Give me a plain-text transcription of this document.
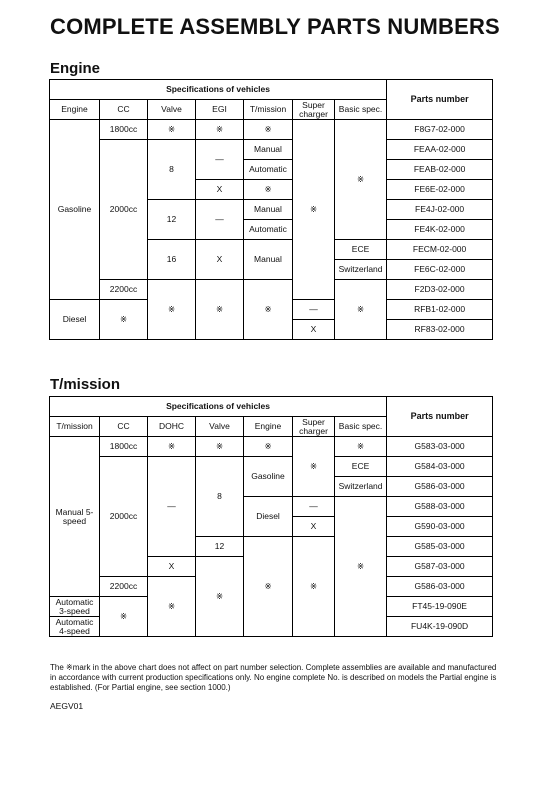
COMPLETE ASSEMBLY PARTS NUMBERS
Engine
Specifications of vehicles							Parts number
Engine	CC	Valve	EGI	T/mission	Super charger	Basic spec.	
Gasoline	1800cc	※	※	※	※	※	F8G7-02-000
	2000cc	8	—	Manual			FEAA-02-000
				Automatic			FEAB-02-000
			X	※			FE6E-02-000
		12	—	Manual			FE4J-02-000
				Automatic			FE4K-02-000
		16	X	Manual		ECE	FECM-02-000
						Switzerland	FE6C-02-000
	2200cc	※	※	※		※	F2D3-02-000
Diesel	※				—		RFB1-02-000
					X		RF83-02-000
T/mission
Specifications of vehicles							Parts number
T/mission	CC	DOHC	Valve	Engine	Super charger	Basic spec.	
Manual 5-speed	1800cc	※	※	※	※	※	G583-03-000
	2000cc	—	8	Gasoline		ECE	G584-03-000
						Switzerland	G586-03-000
				Diesel	—	※	G588-03-000
					X		G590-03-000
			12	※	※		G585-03-000
		X	※				G587-03-000
	2200cc	※					G586-03-000
Automatic 3-speed	※						FT45-19-090E
Automatic 4-speed							FU4K-19-090D

The ※mark in the above chart does not affect on part number selection. Complete assemblies are available and manufactured in accordance with current production specifications only. No engine complete No. is described on models the Partial engine is established. (For Partial engine, see section 1000.)

AEGV01
